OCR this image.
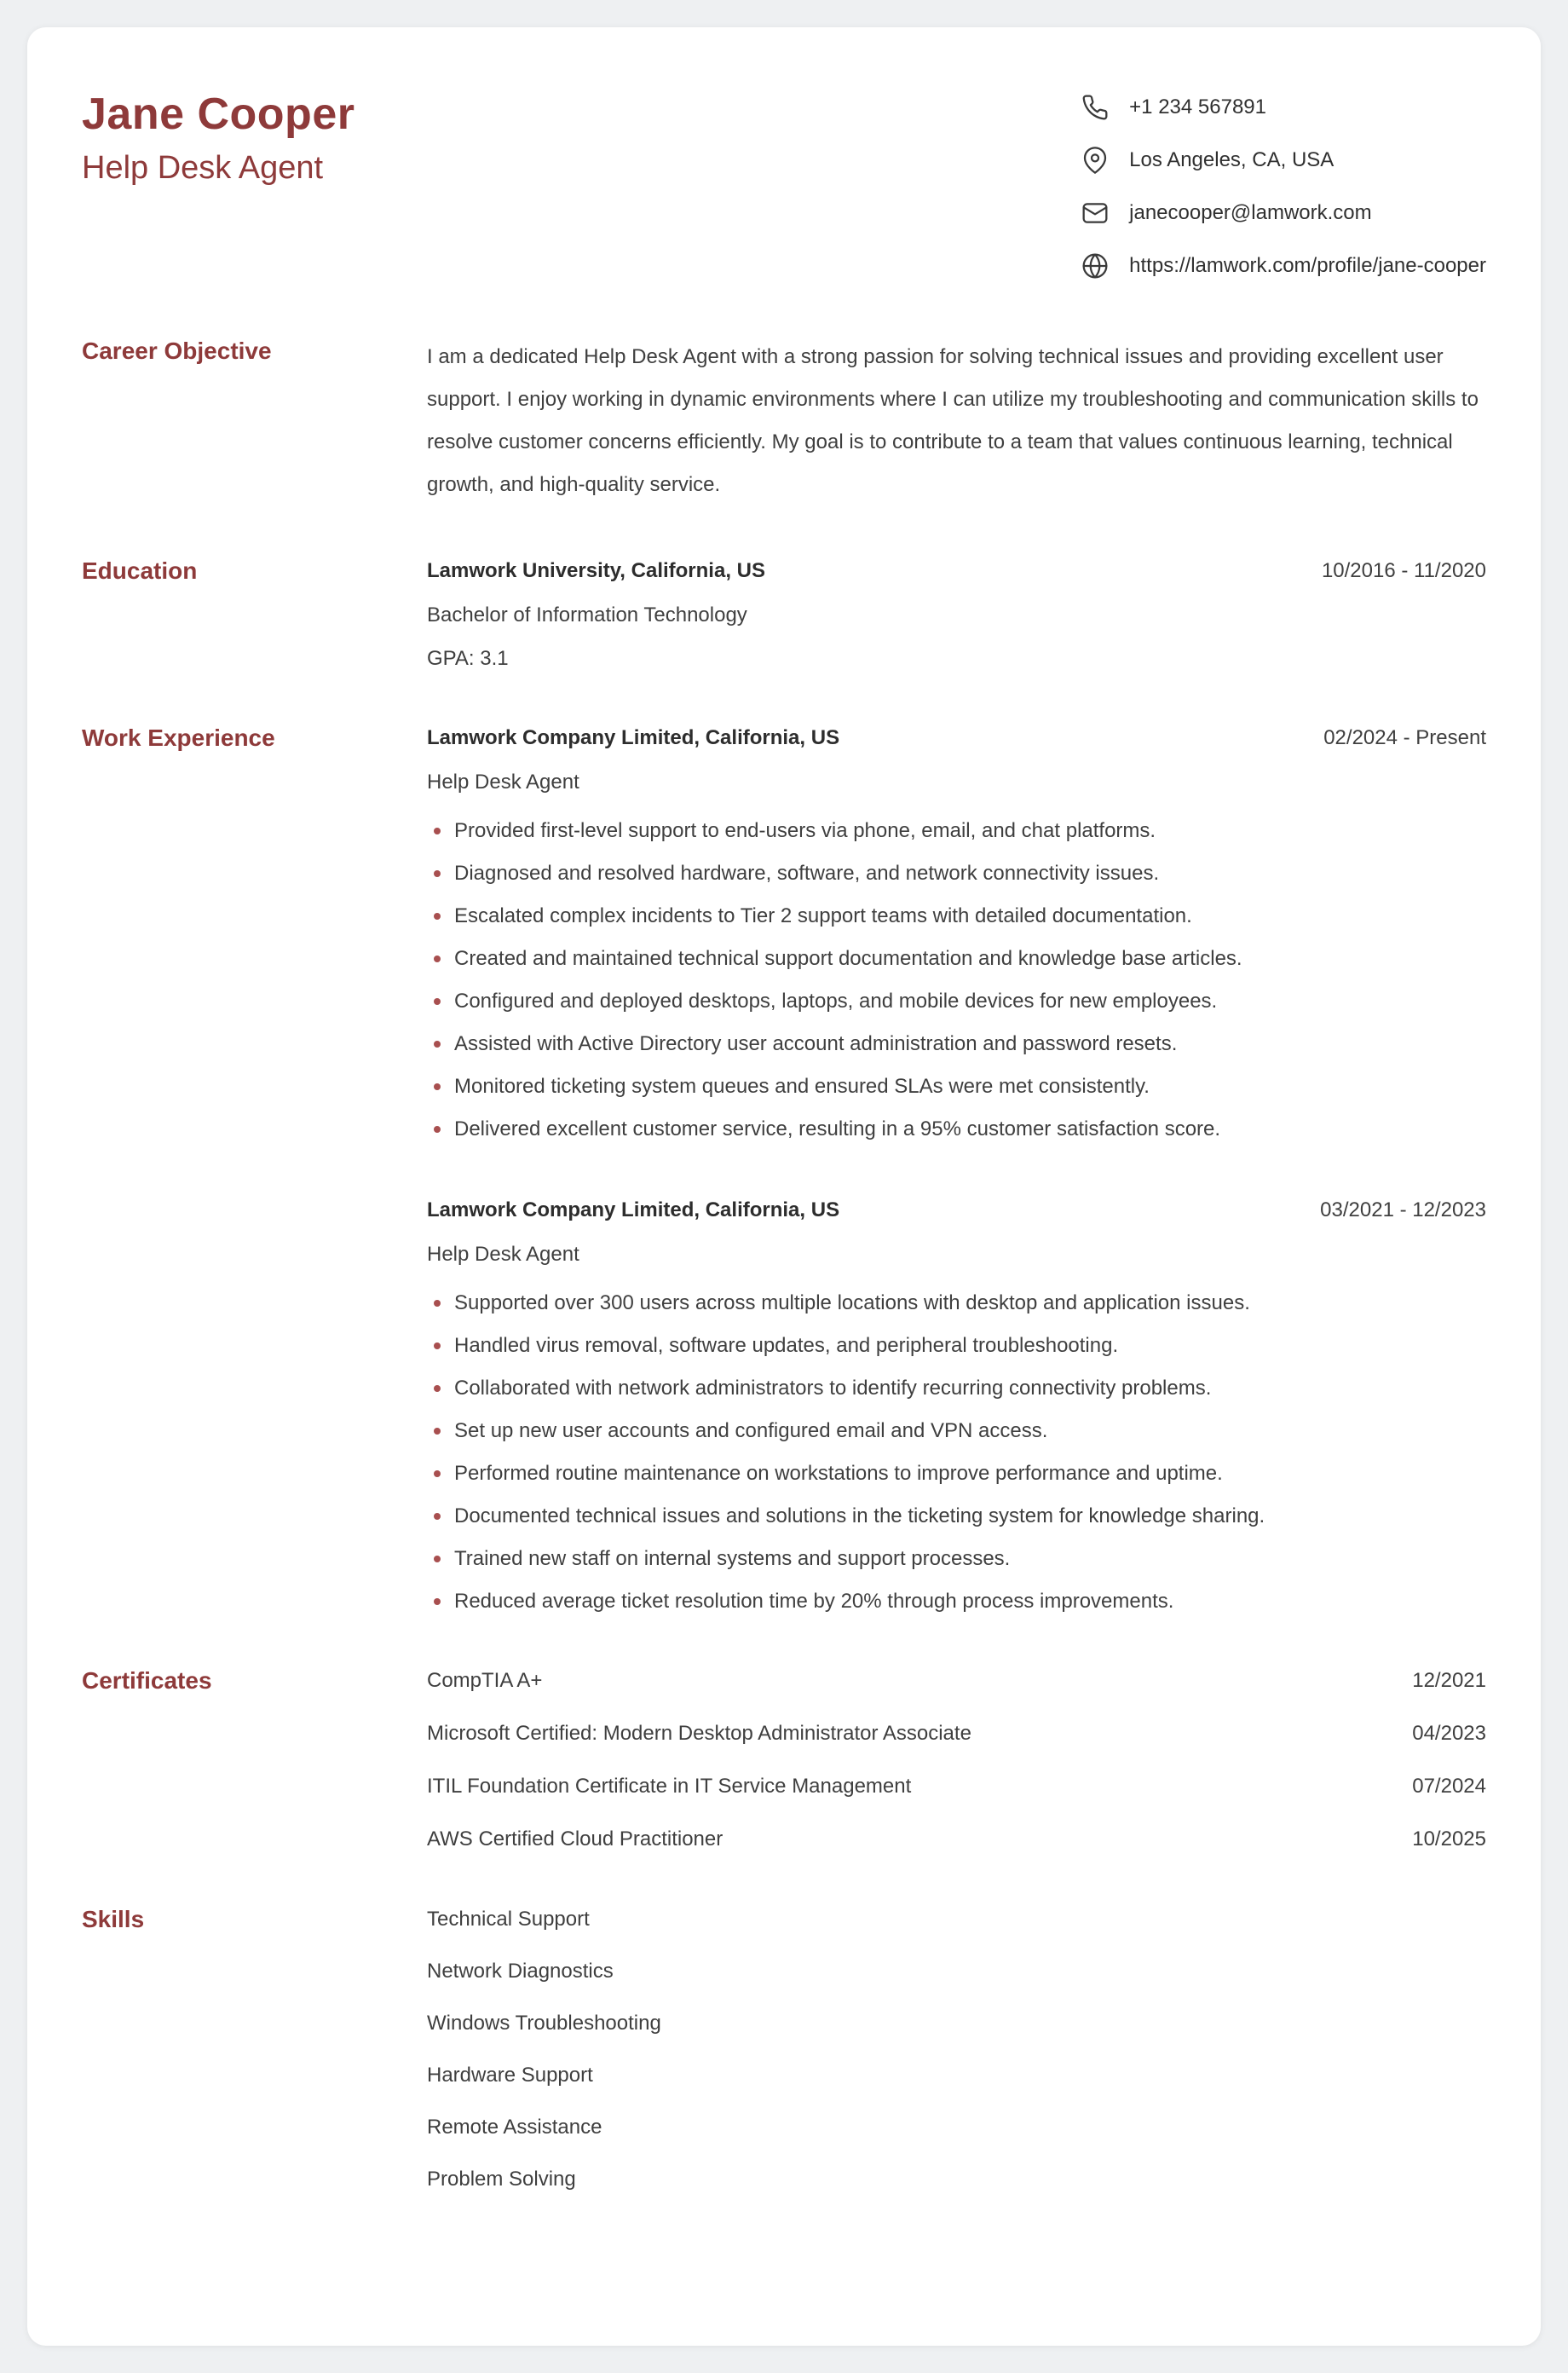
Jane Cooper
Help Desk Agent
+1 234 567891
Los Angeles, CA, USA
janecooper@lamwork.com
https://lamwork.com/profile/jane-cooper
Career Objective	I am a dedicated Help Desk Agent with a strong passion for solving technical issues and providing excellent user support. I enjoy working in dynamic environments where I can utilize my troubleshooting and communication skills to resolve customer concerns efficiently. My goal is to contribute to a team that values continuous learning, technical growth, and high-quality service.

Education	Lamwork University, California, US	10/2016 - 11/2020
Bachelor of Information Technology
GPA: 3.1
Work Experience	Lamwork Company Limited, California, US	02/2024 - Present
Help Desk Agent
Provided first-level support to end-users via phone, email, and chat platforms.
Diagnosed and resolved hardware, software, and network connectivity issues.
Escalated complex incidents to Tier 2 support teams with detailed documentation.
Created and maintained technical support documentation and knowledge base articles.
Configured and deployed desktops, laptops, and mobile devices for new employees.
Assisted with Active Directory user account administration and password resets.
Monitored ticketing system queues and ensured SLAs were met consistently.
Delivered excellent customer service, resulting in a 95% customer satisfaction score.
Lamwork Company Limited, California, US	03/2021 - 12/2023
Help Desk Agent
Supported over 300 users across multiple locations with desktop and application issues.
Handled virus removal, software updates, and peripheral troubleshooting.
Collaborated with network administrators to identify recurring connectivity problems.
Set up new user accounts and configured email and VPN access.
Performed routine maintenance on workstations to improve performance and uptime.
Documented technical issues and solutions in the ticketing system for knowledge sharing.
Trained new staff on internal systems and support processes.
Reduced average ticket resolution time by 20% through process improvements.
Certificates	CompTIA A+	12/2021
Microsoft Certified: Modern Desktop Administrator Associate	04/2023
ITIL Foundation Certificate in IT Service Management	07/2024
AWS Certified Cloud Practitioner	10/2025
Skills	Technical Support
Network Diagnostics
Windows Troubleshooting
Hardware Support
Remote Assistance
Problem Solving
